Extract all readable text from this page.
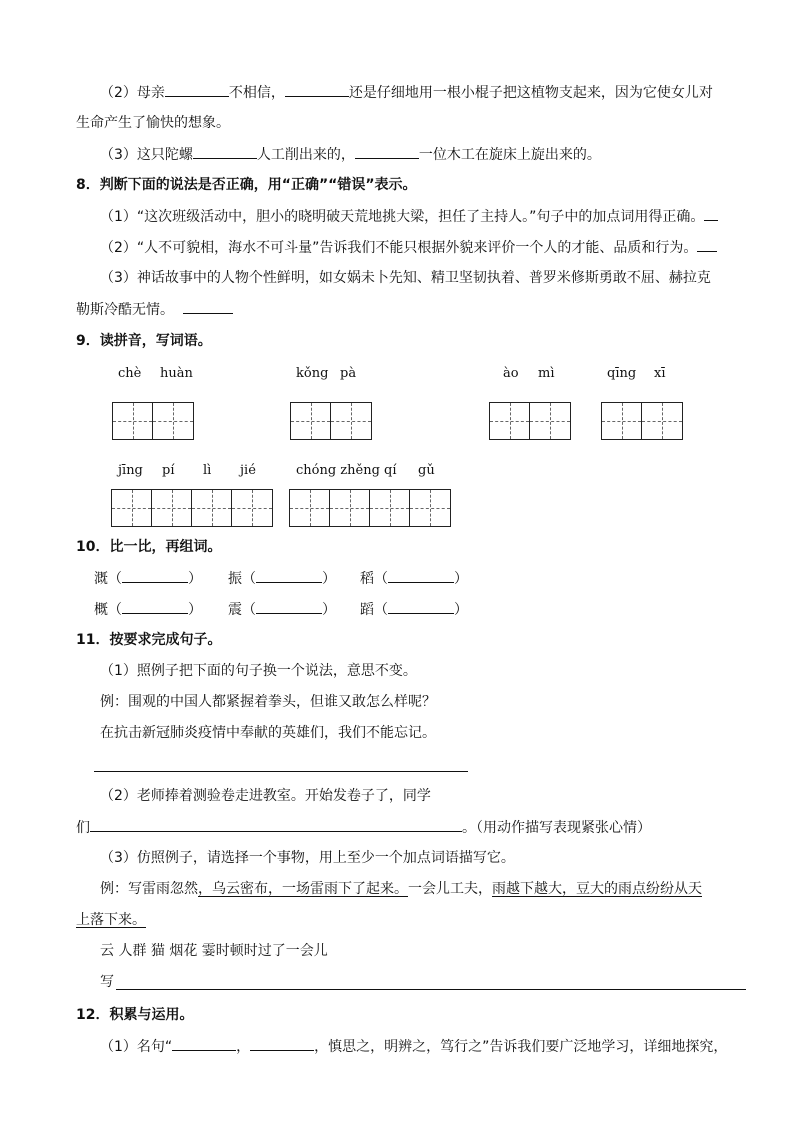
（2）母亲	不相信，	还是仔细地用一根小棍子把这植物支起来，因为它使女儿对
生命产生了愉快的想象。
（3）这只陀螺	人工削出来的，	一位木工在旋床上旋出来的。
8．判断下面的说法是否正确，用“正确”“错误”表示。
（1）“这次班级活动中，胆小的晓明破天荒地挑大梁，担任了主持人。”句子中的加点词用得正确。
（2）“人不可貌相，海水不可斗量”告诉我们不能只根据外貌来评价一个人的才能、品质和行为。
（3）神话故事中的人物个性鲜明，如女娲未卜先知、精卫坚韧执着、普罗米修斯勇敢不屈、赫拉克
勒斯冷酷无情。
9．读拼音，写词语。
chè huàn	kǒng pà	ào mì	qīng xī
jīng pí lì jié	chóng zhěng qí gǔ
10．比一比，再组词。
溉（	） 振（	） 稻（	）
概（	） 震（	） 蹈（	）
11．按要求完成句子。
（1）照例子把下面的句子换一个说法，意思不变。
例：围观的中国人都紧握着拳头，但谁又敢怎么样呢？
在抗击新冠肺炎疫情中奉献的英雄们，我们不能忘记。
（2）老师捧着测验卷走进教室。开始发卷子了，同学
们	。（用动作描写表现紧张心情）
（3）仿照例子，请选择一个事物，用上至少一个加点词语描写它。
例：写雷雨忽然，乌云密布，一场雷雨下了起来。一会儿工夫，雨越下越大，豆大的雨点纷纷从天
上落下来。
云 人群 猫 烟花 霎时顿时过了一会儿
写
12．积累与运用。
（1）名句“	，	，慎思之，明辨之，笃行之”告诉我们要广泛地学习，详细地探究，
